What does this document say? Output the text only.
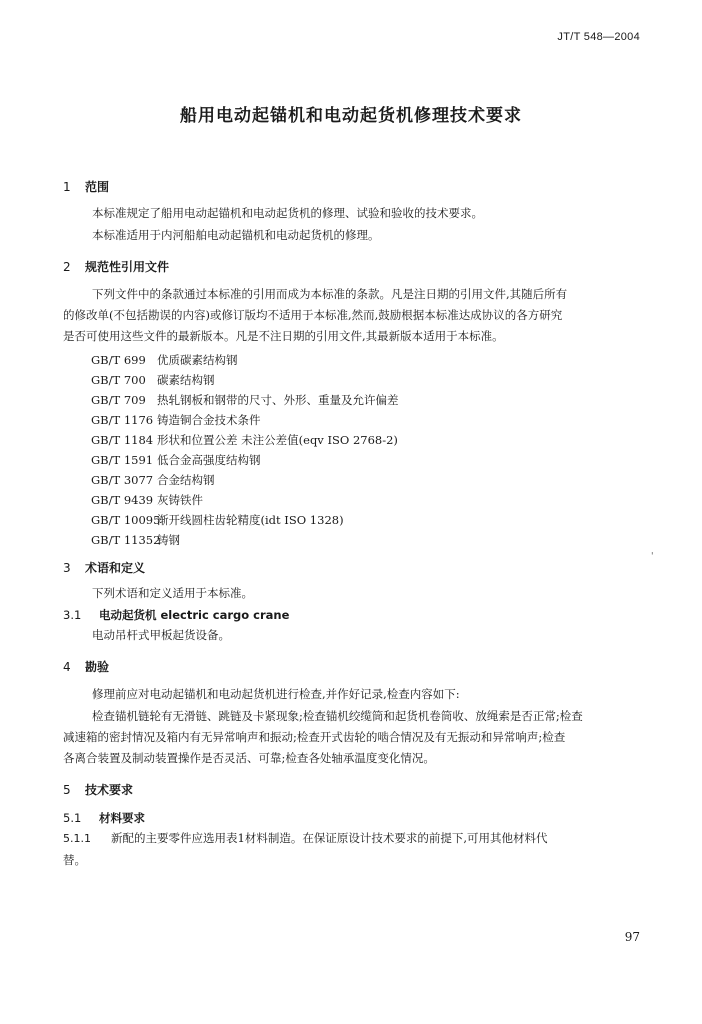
JT/T 548—2004
船用电动起锚机和电动起货机修理技术要求
1 范围
本标准规定了船用电动起锚机和电动起货机的修理、试验和验收的技术要求。
本标准适用于内河船舶电动起锚机和电动起货机的修理。
2 规范性引用文件
下列文件中的条款通过本标准的引用而成为本标准的条款。凡是注日期的引用文件,其随后所有
的修改单(不包括勘误的内容)或修订版均不适用于本标准,然而,鼓励根据本标准达成协议的各方研究
是否可使用这些文件的最新版本。凡是不注日期的引用文件,其最新版本适用于本标准。
GB/T 699 优质碳素结构钢
GB/T 700 碳素结构钢
GB/T 709 热轧钢板和钢带的尺寸、外形、重量及允许偏差
GB/T 1176 铸造铜合金技术条件
GB/T 1184 形状和位置公差 未注公差值(eqv ISO 2768-2)
GB/T 1591 低合金高强度结构钢
GB/T 3077 合金结构钢
GB/T 9439 灰铸铁件
GB/T 10095渐开线圆柱齿轮精度(idt ISO 1328)
GB/T 11352铸钢
'
3 术语和定义
下列术语和定义适用于本标准。
3.1 电动起货机 electric cargo crane
电动吊杆式甲板起货设备。
4 勘验
修理前应对电动起锚机和电动起货机进行检查,并作好记录,检查内容如下:
检查锚机链轮有无滑链、跳链及卡紧现象;检查锚机绞缆筒和起货机卷筒收、放绳索是否正常;检查
减速箱的密封情况及箱内有无异常响声和振动;检查开式齿轮的啮合情况及有无振动和异常响声;检查
各离合装置及制动装置操作是否灵活、可靠;检查各处轴承温度变化情况。
5 技术要求
5.1 材料要求
5.1.1 新配的主要零件应选用表1材料制造。在保证原设计技术要求的前提下,可用其他材料代
替。
97
